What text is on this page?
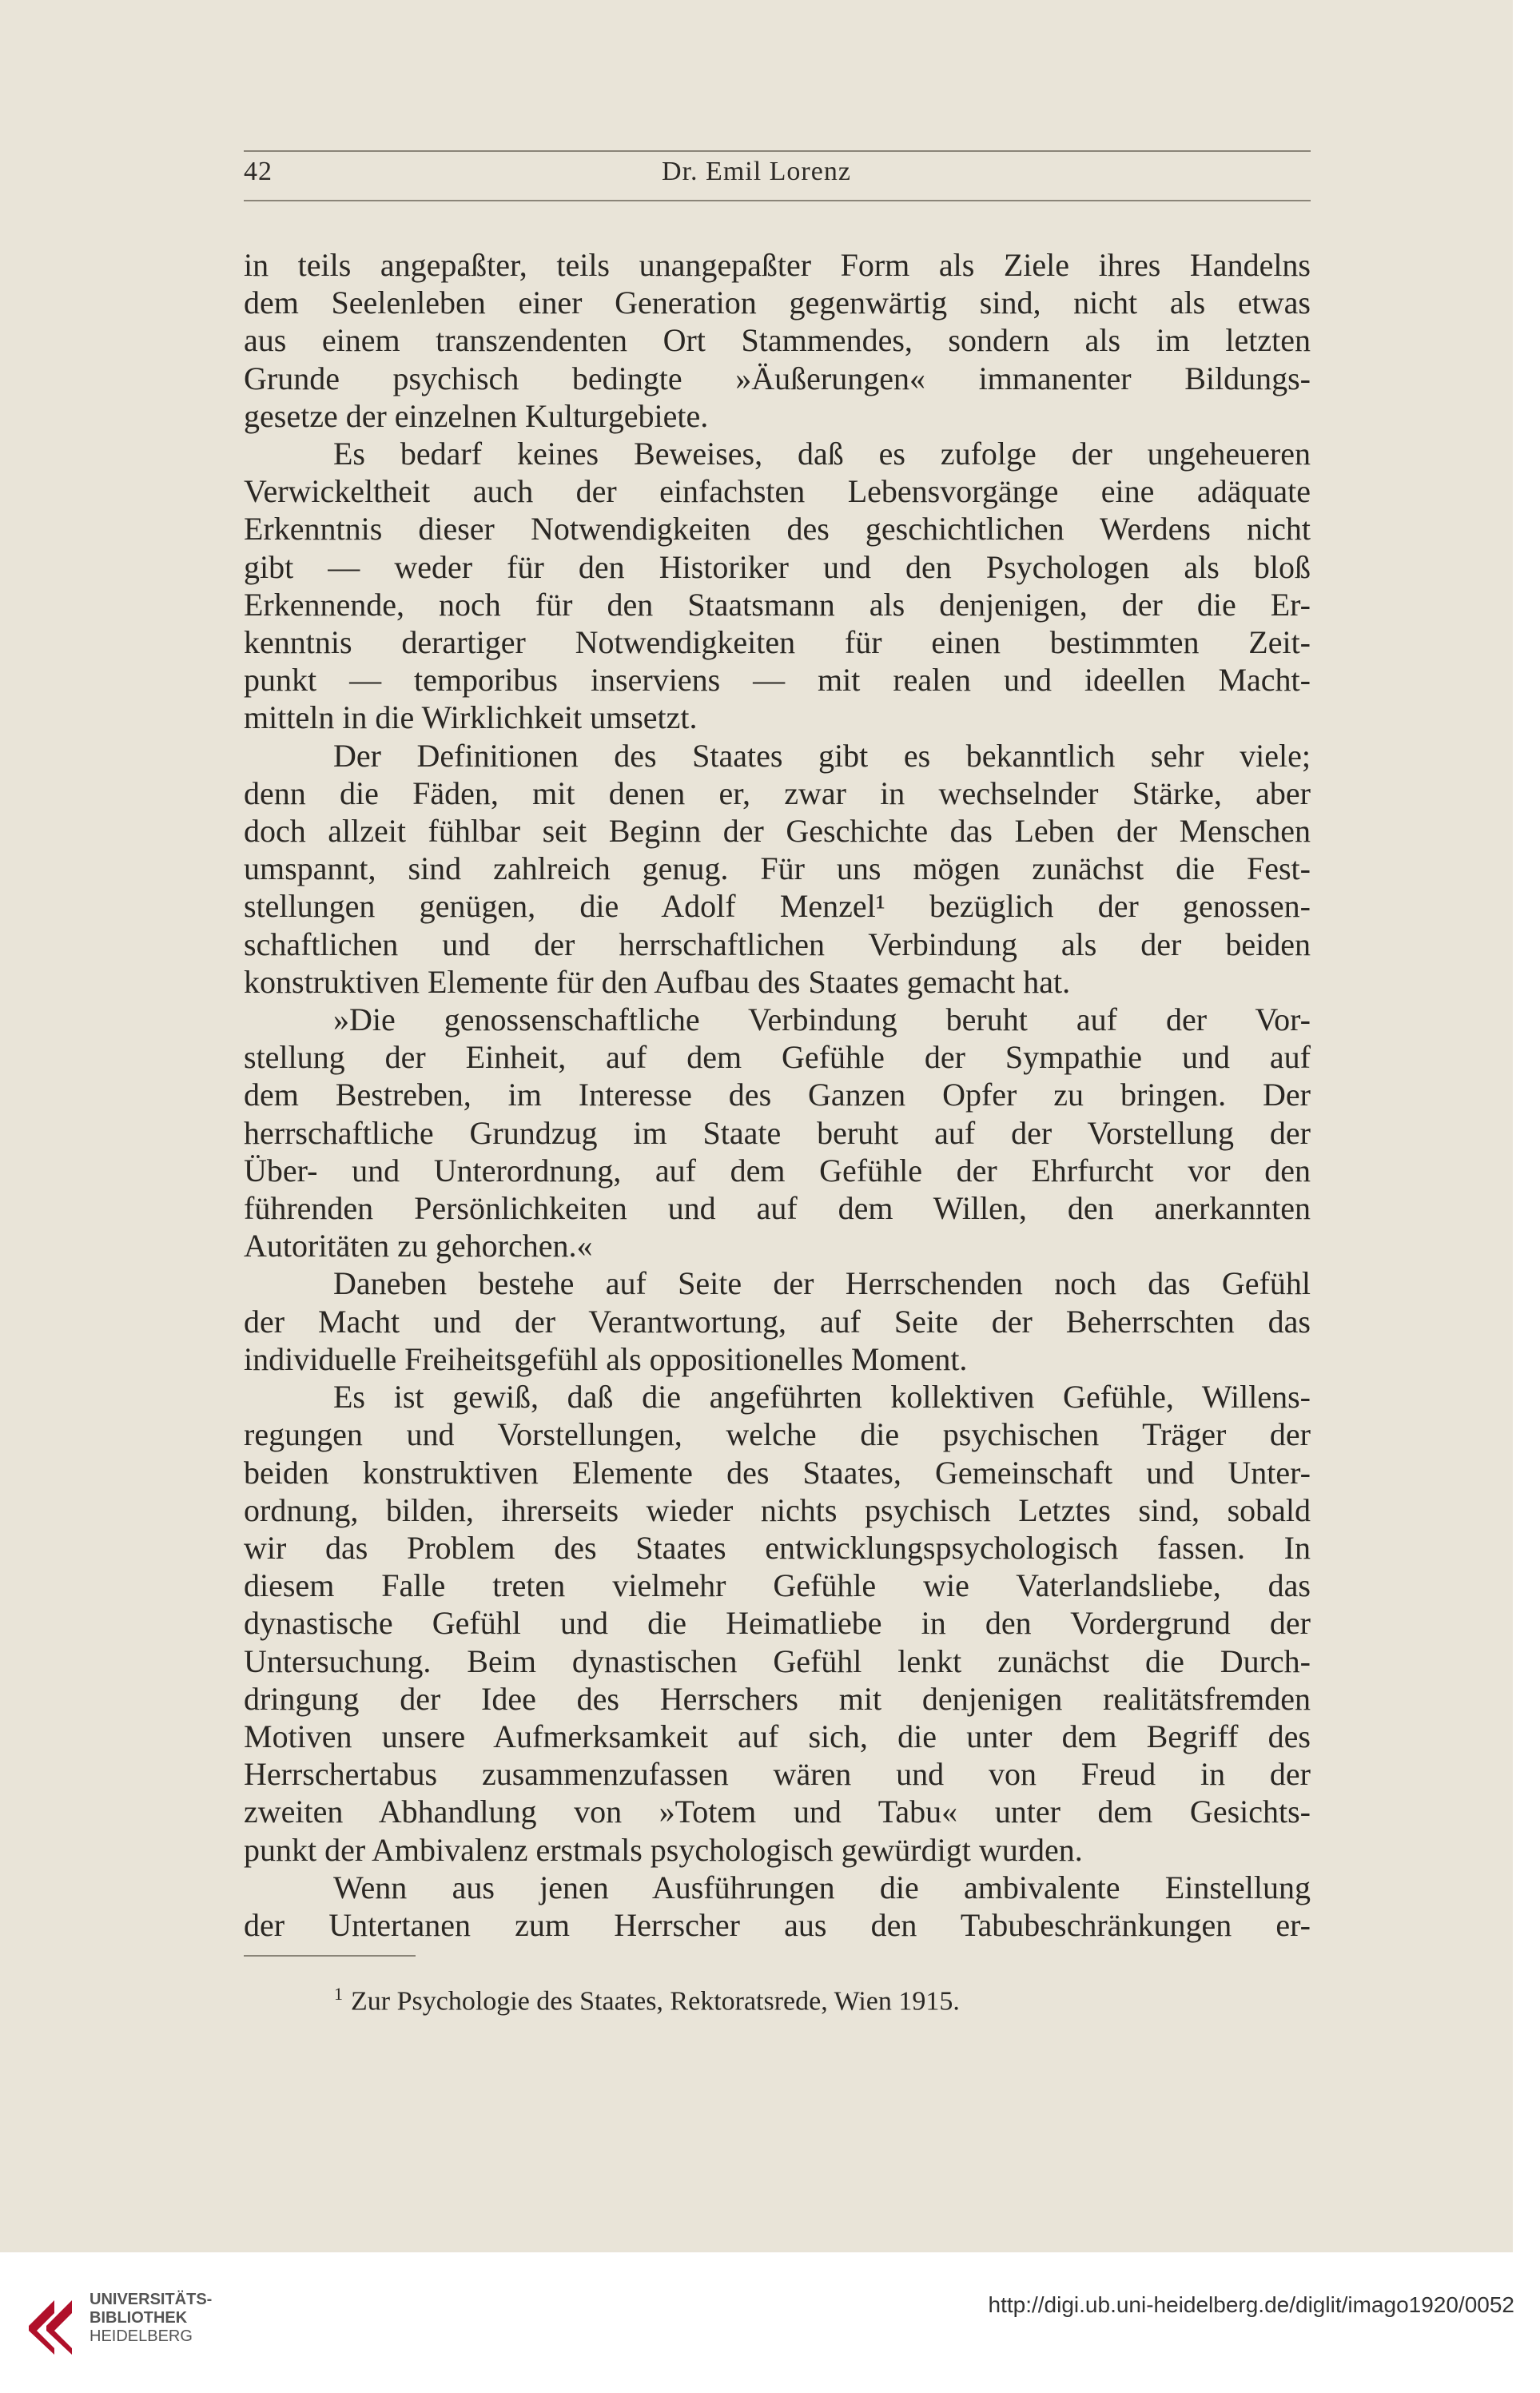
42	Dr. Emil Lorenz
in teils angepaßter, teils unangepaßter Form als Ziele ihres Handelns
dem Seelenleben einer Generation gegenwärtig sind, nicht als etwas
aus einem transzendenten Ort Stammendes, sondern als im letzten
Grunde psychisch bedingte »Äußerungen« immanenter Bildungs-
gesetze der einzelnen Kulturgebiete.
Es bedarf keines Beweises, daß es zufolge der ungeheueren
Verwickeltheit auch der einfachsten Lebensvorgänge eine adäquate
Erkenntnis dieser Notwendigkeiten des geschichtlichen Werdens nicht
gibt — weder für den Historiker und den Psychologen als bloß
Erkennende, noch für den Staatsmann als denjenigen, der die Er-
kenntnis derartiger Notwendigkeiten für einen bestimmten Zeit-
punkt — temporibus inserviens — mit realen und ideellen Macht-
mitteln in die Wirklichkeit umsetzt.
Der Definitionen des Staates gibt es bekanntlich sehr viele;
denn die Fäden, mit denen er, zwar in wechselnder Stärke, aber
doch allzeit fühlbar seit Beginn der Geschichte das Leben der Menschen
umspannt, sind zahlreich genug. Für uns mögen zunächst die Fest-
stellungen genügen, die Adolf Menzel¹ bezüglich der genossen-
schaftlichen und der herrschaftlichen Verbindung als der beiden
konstruktiven Elemente für den Aufbau des Staates gemacht hat.
»Die genossenschaftliche Verbindung beruht auf der Vor-
stellung der Einheit, auf dem Gefühle der Sympathie und auf
dem Bestreben, im Interesse des Ganzen Opfer zu bringen. Der
herrschaftliche Grundzug im Staate beruht auf der Vorstellung der
Über- und Unterordnung, auf dem Gefühle der Ehrfurcht vor den
führenden Persönlichkeiten und auf dem Willen, den anerkannten
Autoritäten zu gehorchen.«
Daneben bestehe auf Seite der Herrschenden noch das Gefühl
der Macht und der Verantwortung, auf Seite der Beherrschten das
individuelle Freiheitsgefühl als oppositionelles Moment.
Es ist gewiß, daß die angeführten kollektiven Gefühle, Willens-
regungen und Vorstellungen, welche die psychischen Träger der
beiden konstruktiven Elemente des Staates, Gemeinschaft und Unter-
ordnung, bilden, ihrerseits wieder nichts psychisch Letztes sind, sobald
wir das Problem des Staates entwicklungspsychologisch fassen. In
diesem Falle treten vielmehr Gefühle wie Vaterlandsliebe, das
dynastische Gefühl und die Heimatliebe in den Vordergrund der
Untersuchung. Beim dynastischen Gefühl lenkt zunächst die Durch-
dringung der Idee des Herrschers mit denjenigen realitätsfremden
Motiven unsere Aufmerksamkeit auf sich, die unter dem Begriff des
Herrschertabus zusammenzufassen wären und von Freud in der
zweiten Abhandlung von »Totem und Tabu« unter dem Gesichts-
punkt der Ambivalenz erstmals psychologisch gewürdigt wurden.
Wenn aus jenen Ausführungen die ambivalente Einstellung
der Untertanen zum Herrscher aus den Tabubeschränkungen er-
$^1$ Zur Psychologie des Staates, Rektoratsrede, Wien 1915.
UNIVERSITÄTS-
BIBLIOTHEK
HEIDELBERG
http://digi.ub.uni-heidelberg.de/diglit/imago1920/0052
